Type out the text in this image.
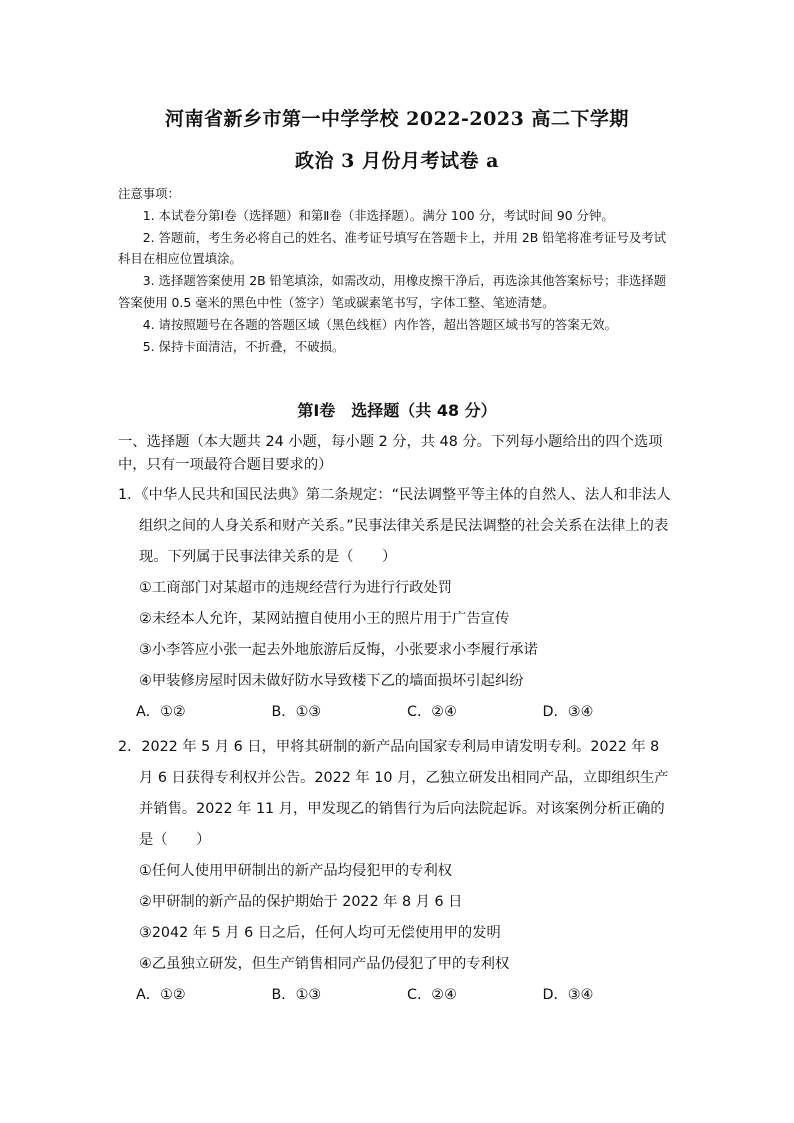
河南省新乡市第一中学学校 2022-2023 高二下学期
政治 3 月份月考试卷 a

注意事项：

1. 本试卷分第Ⅰ卷（选择题）和第Ⅱ卷（非选择题）。满分 100 分，考试时间 90 分钟。

2. 答题前，考生务必将自己的姓名、准考证号填写在答题卡上，并用 2B 铅笔将准考证号及考试科目在相应位置填涂。

3. 选择题答案使用 2B 铅笔填涂，如需改动，用橡皮擦干净后，再选涂其他答案标号；非选择题答案使用 0.5 毫米的黑色中性（签字）笔或碳素笔书写，字体工整、笔迹清楚。

4. 请按照题号在各题的答题区域（黑色线框）内作答，超出答题区域书写的答案无效。

5. 保持卡面清洁，不折叠，不破损。

第Ⅰ卷　选择题（共 48 分）

一、选择题（本大题共 24 小题，每小题 2 分，共 48 分。下列每小题给出的四个选项中，只有一项最符合题目要求的）

1．《中华人民共和国民法典》第二条规定：“民法调整平等主体的自然人、法人和非法人组织之间的人身关系和财产关系。”民事法律关系是民法调整的社会关系在法律上的表现。下列属于民事法律关系的是（　　）

①工商部门对某超市的违规经营行为进行行政处罚

②未经本人允许，某网站擅自使用小王的照片用于广告宣传

③小李答应小张一起去外地旅游后反悔，小张要求小李履行承诺

④甲装修房屋时因未做好防水导致楼下乙的墙面损坏引起纠纷

A．①②	B．①③	C．②④	D．③④

2．2022 年 5 月 6 日，甲将其研制的新产品向国家专利局申请发明专利。2022 年 8 月 6 日获得专利权并公告。2022 年 10 月，乙独立研发出相同产品，立即组织生产并销售。2022 年 11 月，甲发现乙的销售行为后向法院起诉。对该案例分析正确的是（　　）

①任何人使用甲研制出的新产品均侵犯甲的专利权

②甲研制的新产品的保护期始于 2022 年 8 月 6 日

③2042 年 5 月 6 日之后，任何人均可无偿使用甲的发明

④乙虽独立研发，但生产销售相同产品仍侵犯了甲的专利权

A．①②	B．①③	C．②④	D．③④
